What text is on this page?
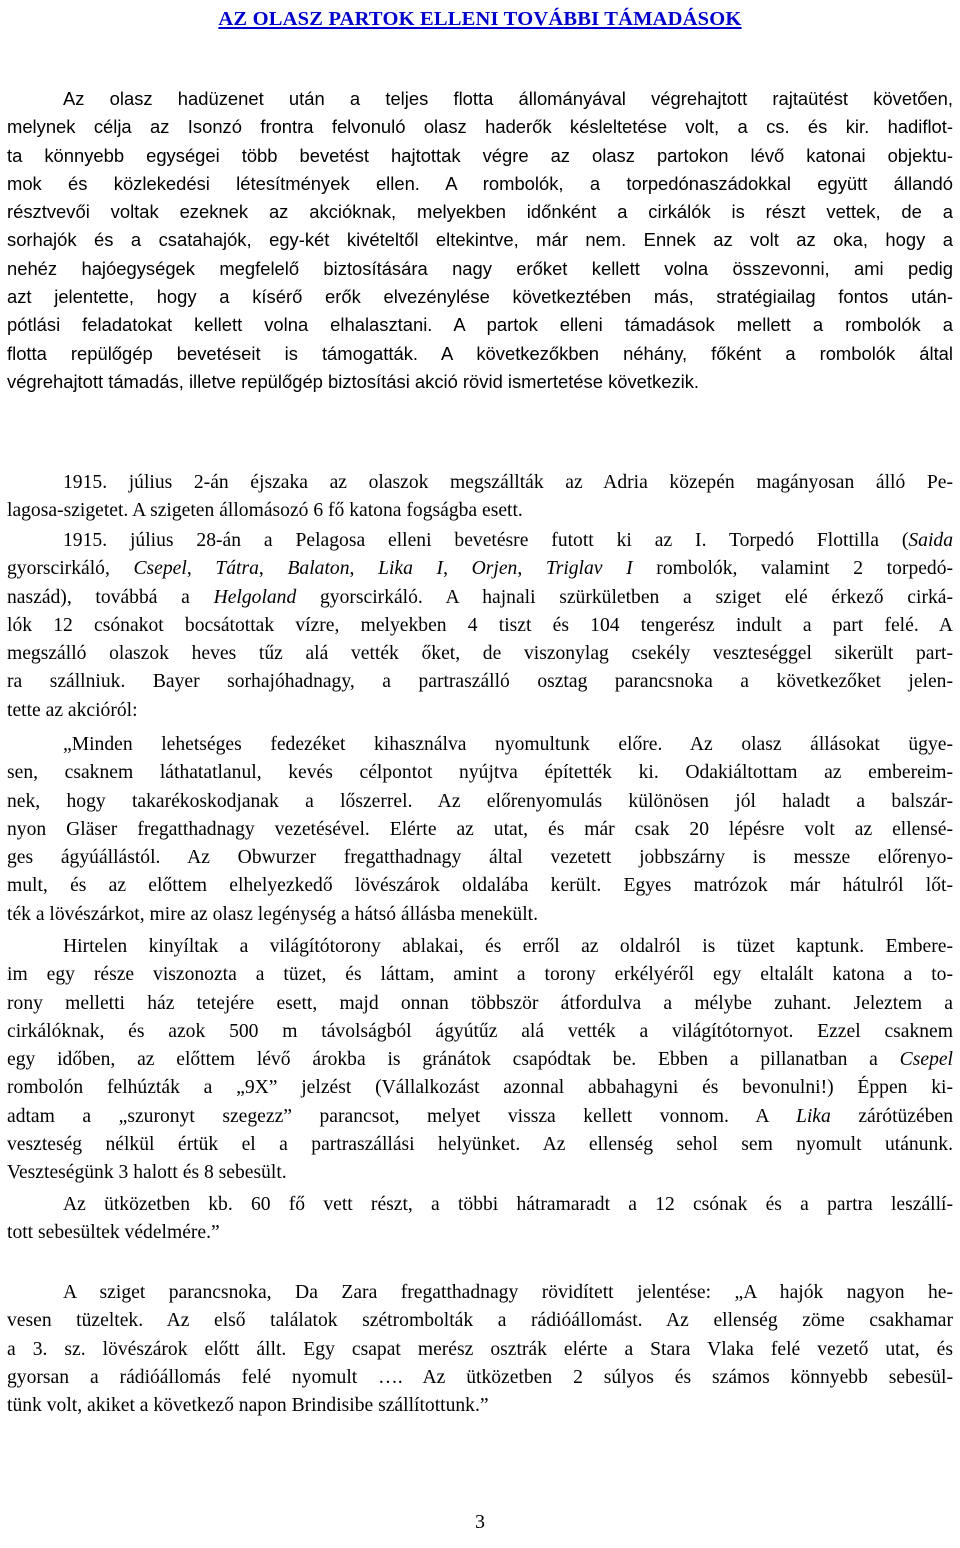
AZ OLASZ PARTOK ELLENI TOVÁBBI TÁMADÁSOK
Az olasz hadüzenet után a teljes flotta állományával végrehajtott rajtaütést követően,
melynek célja az Isonzó frontra felvonuló olasz haderők késleltetése volt, a cs. és kir. hadiflot-
ta könnyebb egységei több bevetést hajtottak végre az olasz partokon lévő katonai objektu-
mok és közlekedési létesítmények ellen. A rombolók, a torpedónaszádokkal együtt állandó
résztvevői voltak ezeknek az akcióknak, melyekben időnként a cirkálók is részt vettek, de a
sorhajók és a csatahajók, egy-két kivételtől eltekintve, már nem. Ennek az volt az oka, hogy a
nehéz hajóegységek megfelelő biztosítására nagy erőket kellett volna összevonni, ami pedig
azt jelentette, hogy a kísérő erők elvezénylése következtében más, stratégiailag fontos után-
pótlási feladatokat kellett volna elhalasztani. A partok elleni támadások mellett a rombolók a
flotta repülőgép bevetéseit is támogatták. A következőkben néhány, főként a rombolók által
végrehajtott támadás, illetve repülőgép biztosítási akció rövid ismertetése következik.
1915. július 2-án éjszaka az olaszok megszállták az Adria közepén magányosan álló Pe-
lagosa-szigetet. A szigeten állomásozó 6 fő katona fogságba esett.
1915. július 28-án a Pelagosa elleni bevetésre futott ki az I. Torpedó Flottilla (Saida
gyorscirkáló, Csepel, Tátra, Balaton, Lika I, Orjen, Triglav I rombolók, valamint 2 torpedó-
naszád), továbbá a Helgoland gyorscirkáló. A hajnali szürkületben a sziget elé érkező cirká-
lók 12 csónakot bocsátottak vízre, melyekben 4 tiszt és 104 tengerész indult a part felé. A
megszálló olaszok heves tűz alá vették őket, de viszonylag csekély veszteséggel sikerült part-
ra szállniuk. Bayer sorhajóhadnagy, a partraszálló osztag parancsnoka a következőket jelen-
tette az akcióról:
„Minden lehetséges fedezéket kihasználva nyomultunk előre. Az olasz állásokat ügye-
sen, csaknem láthatatlanul, kevés célpontot nyújtva építették ki. Odakiáltottam az embereim-
nek, hogy takarékoskodjanak a lőszerrel. Az előrenyomulás különösen jól haladt a balszár-
nyon Gläser fregatthadnagy vezetésével. Elérte az utat, és már csak 20 lépésre volt az ellensé-
ges ágyúállástól. Az Obwurzer fregatthadnagy által vezetett jobbszárny is messze előrenyo-
mult, és az előttem elhelyezkedő lövészárok oldalába került. Egyes matrózok már hátulról lőt-
ték a lövészárkot, mire az olasz legénység a hátsó állásba menekült.
Hirtelen kinyíltak a világítótorony ablakai, és erről az oldalról is tüzet kaptunk. Embere-
im egy része viszonozta a tüzet, és láttam, amint a torony erkélyéről egy eltalált katona a to-
rony melletti ház tetejére esett, majd onnan többször átfordulva a mélybe zuhant. Jeleztem a
cirkálóknak, és azok 500 m távolságból ágyútűz alá vették a világítótornyot. Ezzel csaknem
egy időben, az előttem lévő árokba is gránátok csapódtak be. Ebben a pillanatban a Csepel
rombolón felhúzták a „9X” jelzést (Vállalkozást azonnal abbahagyni és bevonulni!) Éppen ki-
adtam a „szuronyt szegezz” parancsot, melyet vissza kellett vonnom. A Lika zárótüzében
veszteség nélkül értük el a partraszállási helyünket. Az ellenség sehol sem nyomult utánunk.
Veszteségünk 3 halott és 8 sebesült.
Az ütközetben kb. 60 fő vett részt, a többi hátramaradt a 12 csónak és a partra leszállí-
tott sebesültek védelmére.”
A sziget parancsnoka, Da Zara fregatthadnagy rövidített jelentése: „A hajók nagyon he-
vesen tüzeltek. Az első találatok szétrombolták a rádióállomást. Az ellenség zöme csakhamar
a 3. sz. lövészárok előtt állt. Egy csapat merész osztrák elérte a Stara Vlaka felé vezető utat, és
gyorsan a rádióállomás felé nyomult …. Az ütközetben 2 súlyos és számos könnyebb sebesül-
tünk volt, akiket a következő napon Brindisibe szállítottunk.”
3
